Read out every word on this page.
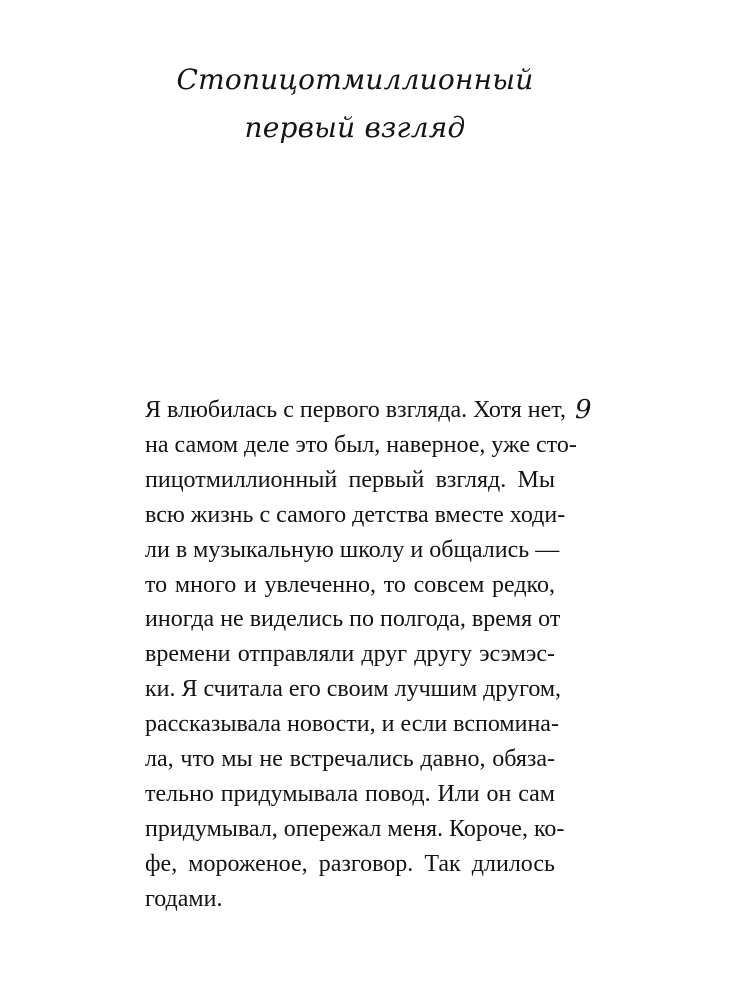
Стопицотмиллионный
первый взгляд
9
Я влюбилась с первого взгляда. Хотя нет,
на самом деле это был, наверное, уже сто-
пицотмиллионный первый взгляд. Мы
всю жизнь с самого детства вместе ходи-
ли в музыкальную школу и общались —
то много и увлеченно, то совсем редко,
иногда не виделись по полгода, время от
времени отправляли друг другу эсэмэс-
ки. Я считала его своим лучшим другом,
рассказывала новости, и если вспомина-
ла, что мы не встречались давно, обяза-
тельно придумывала повод. Или он сам
придумывал, опережал меня. Короче, ко-
фе, мороженое, разговор. Так длилось
годами.
